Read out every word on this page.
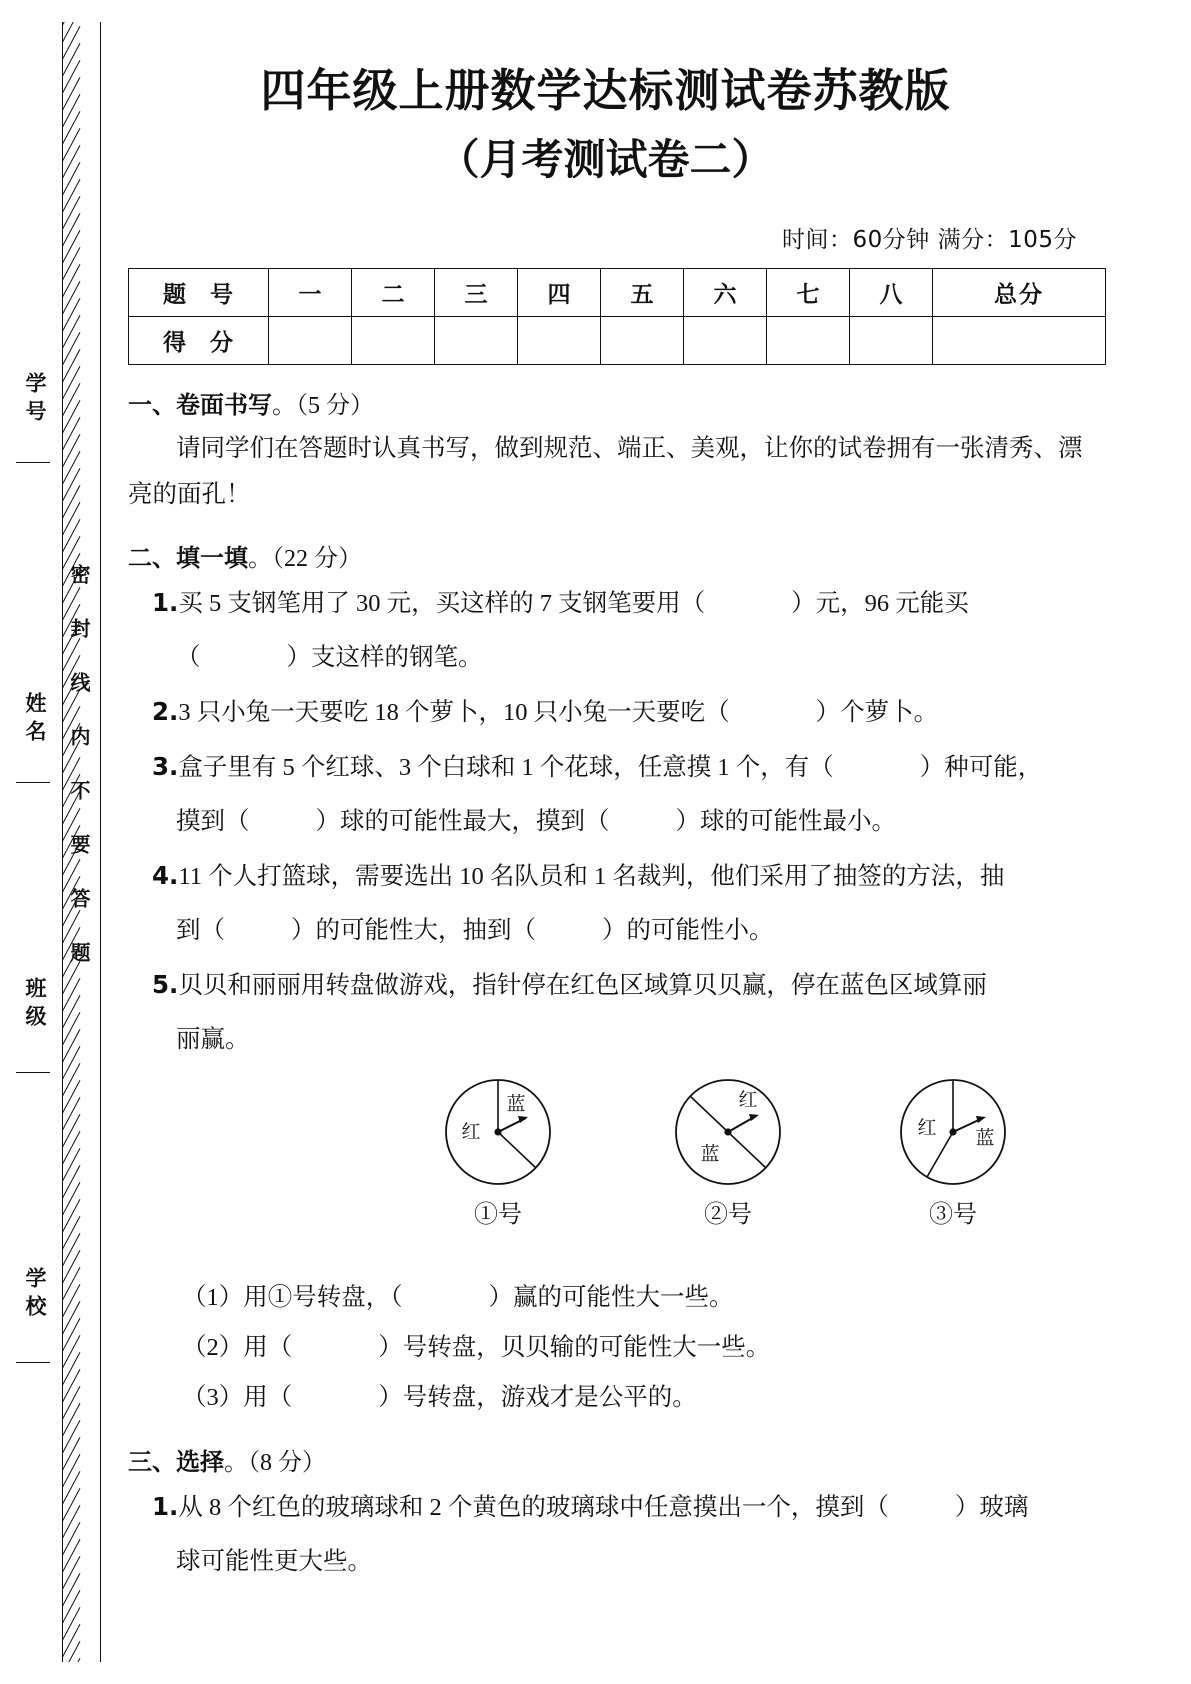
学号
姓名
班级
学校
密封线内不要答题
四年级上册数学达标测试卷苏教版
（月考测试卷二）
时间：60分钟 满分：105分
题 号	一	二	三	四	五	六	七	八	总分
得 分									
一、卷面书写。（5 分）
请同学们在答题时认真书写，做到规范、端正、美观，让你的试卷拥有一张清秀、漂亮的面孔！
二、填一填。（22 分）
1.买 5 支钢笔用了 30 元，买这样的 7 支钢笔要用（	）元，96 元能买
（	）支这样的钢笔。
2.3 只小兔一天要吃 18 个萝卜，10 只小兔一天要吃（	）个萝卜。
3.盒子里有 5 个红球、3 个白球和 1 个花球，任意摸 1 个，有（	）种可能，
摸到（	）球的可能性最大，摸到（	）球的可能性最小。
4.11 个人打篮球，需要选出 10 名队员和 1 名裁判，他们采用了抽签的方法，抽
到（	）的可能性大，抽到（	）的可能性小。
5.贝贝和丽丽用转盘做游戏，指针停在红色区域算贝贝赢，停在蓝色区域算丽
丽赢。
红
蓝
①号
红
蓝
②号
红 蓝
③号
（1）用①号转盘，（	）赢的可能性大一些。
（2）用（	）号转盘，贝贝输的可能性大一些。
（3）用（	）号转盘，游戏才是公平的。
三、选择。（8 分）
1.从 8 个红色的玻璃球和 2 个黄色的玻璃球中任意摸出一个，摸到（	）玻璃
球可能性更大些。
